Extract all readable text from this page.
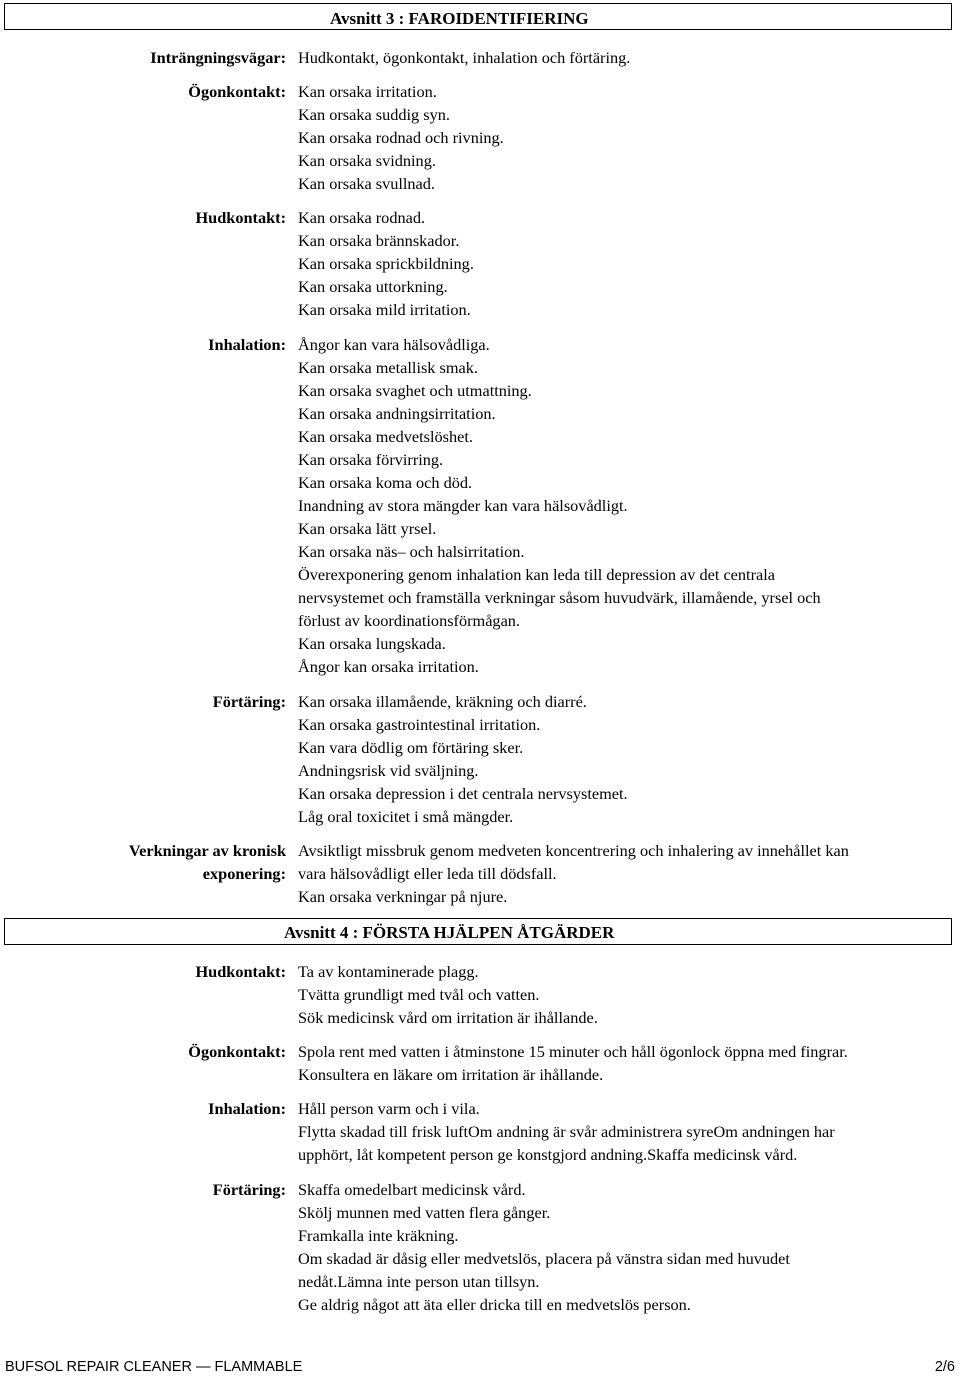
Avsnitt 3 : FAROIDENTIFIERING
Inträngningsvägar: Hudkontakt, ögonkontakt, inhalation och förtäring.
Ögonkontakt: Kan orsaka irritation.
Kan orsaka suddig syn.
Kan orsaka rodnad och rivning.
Kan orsaka svidning.
Kan orsaka svullnad.
Hudkontakt: Kan orsaka rodnad.
Kan orsaka brännskador.
Kan orsaka sprickbildning.
Kan orsaka uttorkning.
Kan orsaka mild irritation.
Inhalation: Ångor kan vara hälsovådliga.
Kan orsaka metallisk smak.
Kan orsaka svaghet och utmattning.
Kan orsaka andningsirritation.
Kan orsaka medvetslöshet.
Kan orsaka förvirring.
Kan orsaka koma och död.
Inandning av stora mängder kan vara hälsovådligt.
Kan orsaka lätt yrsel.
Kan orsaka näs– och halsirritation.
Överexponering genom inhalation kan leda till depression av det centrala
nervsystemet och framställa verkningar såsom huvudvärk, illamående, yrsel och
förlust av koordinationsförmågan.
Kan orsaka lungskada.
Ångor kan orsaka irritation.
Förtäring: Kan orsaka illamående, kräkning och diarré.
Kan orsaka gastrointestinal irritation.
Kan vara dödlig om förtäring sker.
Andningsrisk vid sväljning.
Kan orsaka depression i det centrala nervsystemet.
Låg oral toxicitet i små mängder.
Verkningar av kronisk
exponering:
Avsiktligt missbruk genom medveten koncentrering och inhalering av innehållet kan
vara hälsovådligt eller leda till dödsfall.
Kan orsaka verkningar på njure.
Avsnitt 4 : FÖRSTA HJÄLPEN ÅTGÄRDER
Hudkontakt: Ta av kontaminerade plagg.
Tvätta grundligt med tvål och vatten.
Sök medicinsk vård om irritation är ihållande.
Ögonkontakt: Spola rent med vatten i åtminstone 15 minuter och håll ögonlock öppna med fingrar.
Konsultera en läkare om irritation är ihållande.
Inhalation: Håll person varm och i vila.
Flytta skadad till frisk luftOm andning är svår administrera syreOm andningen har
upphört, låt kompetent person ge konstgjord andning.Skaffa medicinsk vård.
Förtäring: Skaffa omedelbart medicinsk vård.
Skölj munnen med vatten flera gånger.
Framkalla inte kräkning.
Om skadad är dåsig eller medvetslös, placera på vänstra sidan med huvudet
nedåt.Lämna inte person utan tillsyn.
Ge aldrig något att äta eller dricka till en medvetslös person.
BUFSOL REPAIR CLEANER — FLAMMABLE	2/6
